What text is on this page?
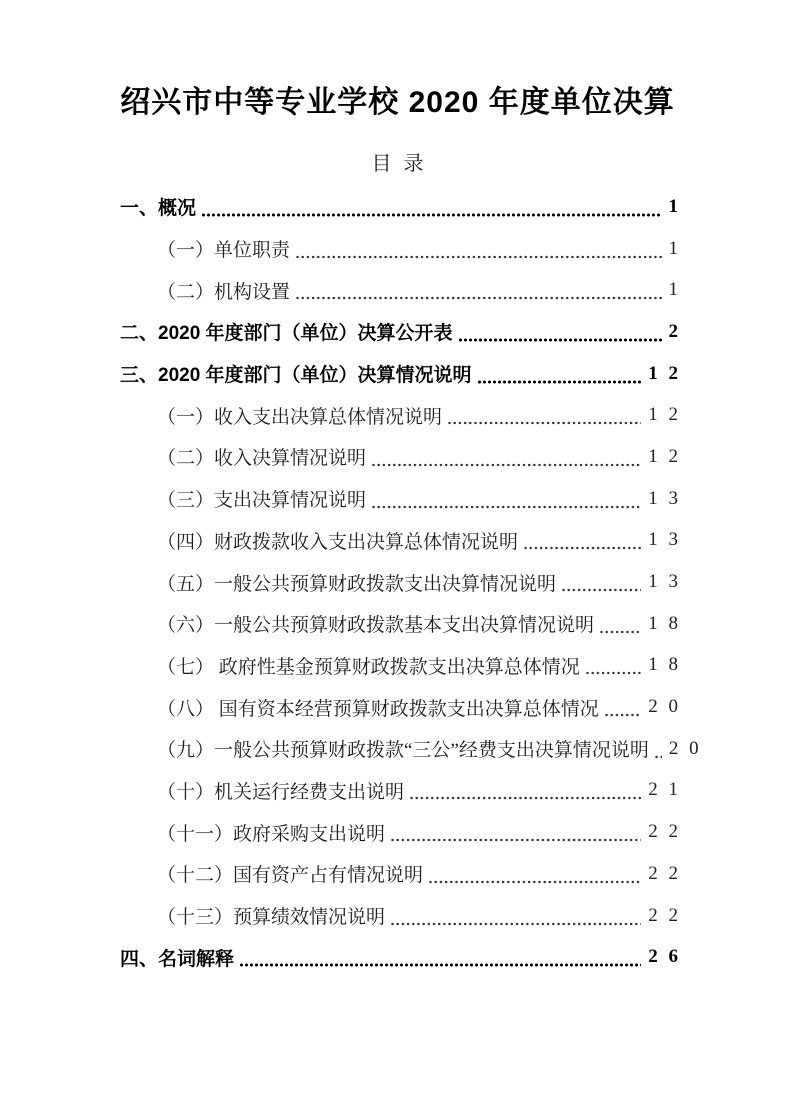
绍兴市中等专业学校 2020 年度单位决算
目录
一、概况	1
（一）单位职责	1
（二）机构设置	1
二、2020 年度部门（单位）决算公开表	2
三、2020 年度部门（单位）决算情况说明	1 2
（一）收入支出决算总体情况说明	1 2
（二）收入决算情况说明	1 2
（三）支出决算情况说明	1 3
（四）财政拨款收入支出决算总体情况说明	1 3
（五）一般公共预算财政拨款支出决算情况说明	1 3
（六）一般公共预算财政拨款基本支出决算情况说明	1 8
（七） 政府性基金预算财政拨款支出决算总体情况	1 8
（八） 国有资本经营预算财政拨款支出决算总体情况	2 0
（九）一般公共预算财政拨款“三公”经费支出决算情况说明 2 0
（十）机关运行经费支出说明	2 1
（十一）政府采购支出说明	2 2
（十二）国有资产占有情况说明	2 2
（十三）预算绩效情况说明	2 2
四、名词解释	2 6
